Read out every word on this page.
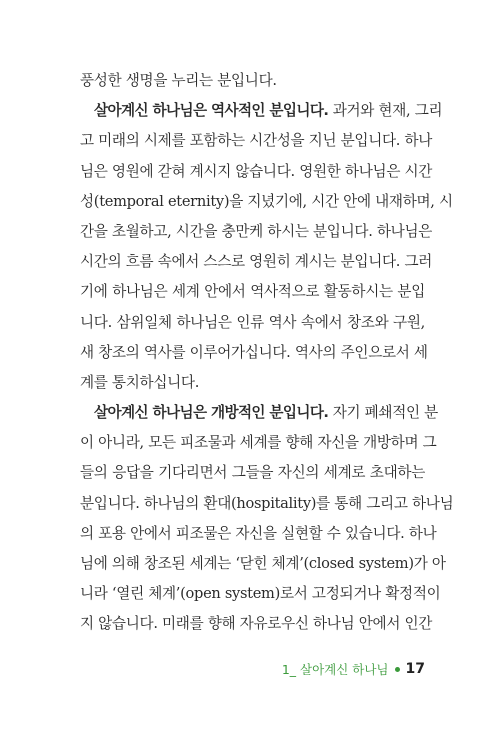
풍성한 생명을 누리는 분입니다.
살아계신 하나님은 역사적인 분입니다. 과거와 현재, 그리
고 미래의 시제를 포함하는 시간성을 지닌 분입니다. 하나
님은 영원에 갇혀 계시지 않습니다. 영원한 하나님은 시간
성(temporal eternity)을 지녔기에, 시간 안에 내재하며, 시
간을 초월하고, 시간을 충만케 하시는 분입니다. 하나님은
시간의 흐름 속에서 스스로 영원히 계시는 분입니다. 그러
기에 하나님은 세계 안에서 역사적으로 활동하시는 분입
니다. 삼위일체 하나님은 인류 역사 속에서 창조와 구원,
새 창조의 역사를 이루어가십니다. 역사의 주인으로서 세
계를 통치하십니다.
살아계신 하나님은 개방적인 분입니다. 자기 폐쇄적인 분
이 아니라, 모든 피조물과 세계를 향해 자신을 개방하며 그
들의 응답을 기다리면서 그들을 자신의 세계로 초대하는
분입니다. 하나님의 환대(hospitality)를 통해 그리고 하나님
의 포용 안에서 피조물은 자신을 실현할 수 있습니다. 하나
님에 의해 창조된 세계는 ‘닫힌 체계’(closed system)가 아
니라 ‘열린 체계’(open system)로서 고정되거나 확정적이
지 않습니다. 미래를 향해 자유로우신 하나님 안에서 인간
1_ 살아계신 하나님 17
